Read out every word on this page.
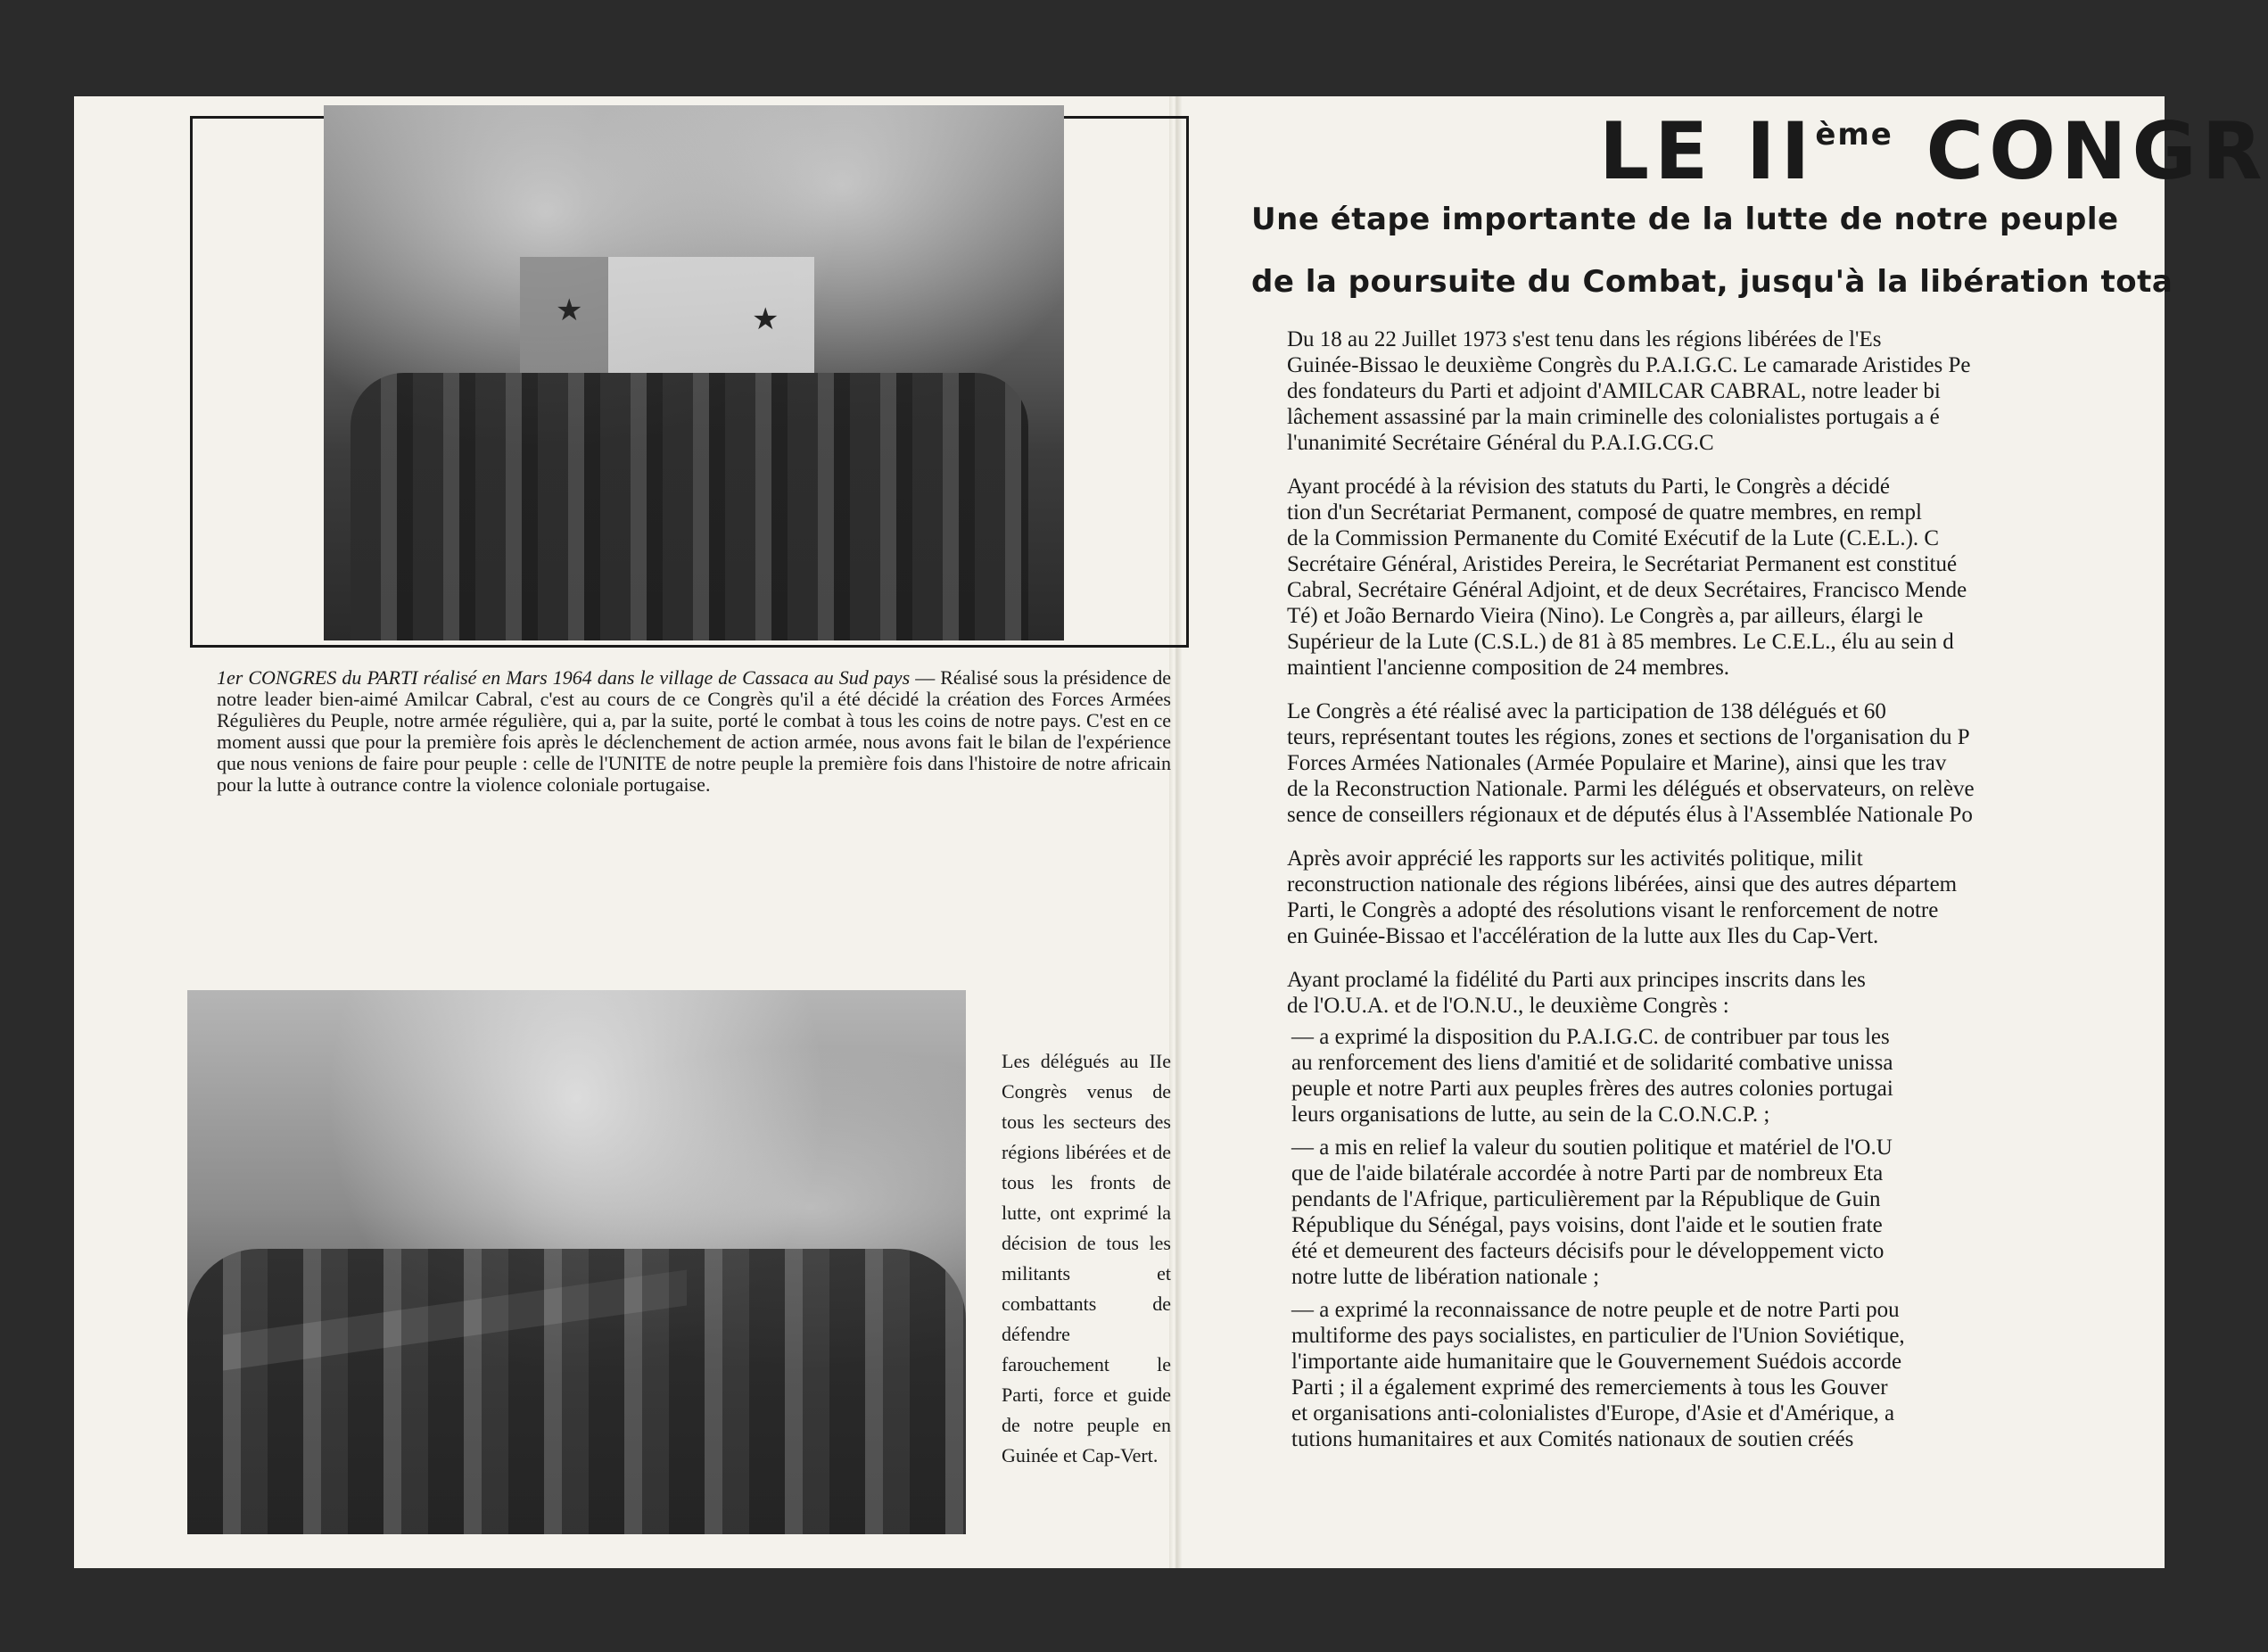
★	★
1er CONGRES du PARTI réalisé en Mars 1964 dans le village de Cassaca au Sud pays — Réalisé sous la présidence de notre leader bien-aimé Amilcar Cabral, c'est au cours de ce Congrès qu'il a été décidé la création des Forces Armées Régulières du Peuple, notre armée régulière, qui a, par la suite, porté le combat à tous les coins de notre pays. C'est en ce moment aussi que pour la première fois après le déclenchement de action armée, nous avons fait le bilan de l'expérience que nous venions de faire pour peuple : celle de l'UNITE de notre peuple la première fois dans l'histoire de notre africain pour la lutte à outrance contre la violence coloniale portugaise.
Les délégués au IIe Congrès venus de tous les secteurs des régions libérées et de tous les fronts de lutte, ont exprimé la décision de tous les militants et combattants de défendre farouchement le Parti, force et guide de notre peuple en Guinée et Cap-Vert.
LE IIème CONGR
Une étape importante de la lutte de notre peuple
de la poursuite du Combat, jusqu'à la libération tota

Du 18 au 22 Juillet 1973 s'est tenu dans les régions libérées de l'Es
Guinée-Bissao le deuxième Congrès du P.A.I.G.C. Le camarade Aristides Pe
des fondateurs du Parti et adjoint d'AMILCAR CABRAL, notre leader bi
lâchement assassiné par la main criminelle des colonialistes portugais a é
l'unanimité Secrétaire Général du P.A.I.G.CG.C

Ayant procédé à la révision des statuts du Parti, le Congrès a décidé
tion d'un Secrétariat Permanent, composé de quatre membres, en rempl
de la Commission Permanente du Comité Exécutif de la Lute (C.E.L.). C
Secrétaire Général, Aristides Pereira, le Secrétariat Permanent est constitué
Cabral, Secrétaire Général Adjoint, et de deux Secrétaires, Francisco Mende
Té) et João Bernardo Vieira (Nino). Le Congrès a, par ailleurs, élargi le
Supérieur de la Lute (C.S.L.) de 81 à 85 membres. Le C.E.L., élu au sein d
maintient l'ancienne composition de 24 membres.

Le Congrès a été réalisé avec la participation de 138 délégués et 60
teurs, représentant toutes les régions, zones et sections de l'organisation du P
Forces Armées Nationales (Armée Populaire et Marine), ainsi que les trav
de la Reconstruction Nationale. Parmi les délégués et observateurs, on relève
sence de conseillers régionaux et de députés élus à l'Assemblée Nationale Po

Après avoir apprécié les rapports sur les activités politique, milit
reconstruction nationale des régions libérées, ainsi que des autres départem
Parti, le Congrès a adopté des résolutions visant le renforcement de notre
en Guinée-Bissao et l'accélération de la lutte aux Iles du Cap-Vert.

Ayant proclamé la fidélité du Parti aux principes inscrits dans les
de l'O.U.A. et de l'O.N.U., le deuxième Congrès :

— a exprimé la disposition du P.A.I.G.C. de contribuer par tous les
au renforcement des liens d'amitié et de solidarité combative unissa
peuple et notre Parti aux peuples frères des autres colonies portugai
leurs organisations de lutte, au sein de la C.O.N.C.P. ;
— a mis en relief la valeur du soutien politique et matériel de l'O.U
que de l'aide bilatérale accordée à notre Parti par de nombreux Eta
pendants de l'Afrique, particulièrement par la République de Guin
République du Sénégal, pays voisins, dont l'aide et le soutien frate
été et demeurent des facteurs décisifs pour le développement victo
notre lutte de libération nationale ;
— a exprimé la reconnaissance de notre peuple et de notre Parti pou
multiforme des pays socialistes, en particulier de l'Union Soviétique,
l'importante aide humanitaire que le Gouvernement Suédois accorde
Parti ; il a également exprimé des remerciements à tous les Gouver
et organisations anti-colonialistes d'Europe, d'Asie et d'Amérique, a
tutions humanitaires et aux Comités nationaux de soutien créés
